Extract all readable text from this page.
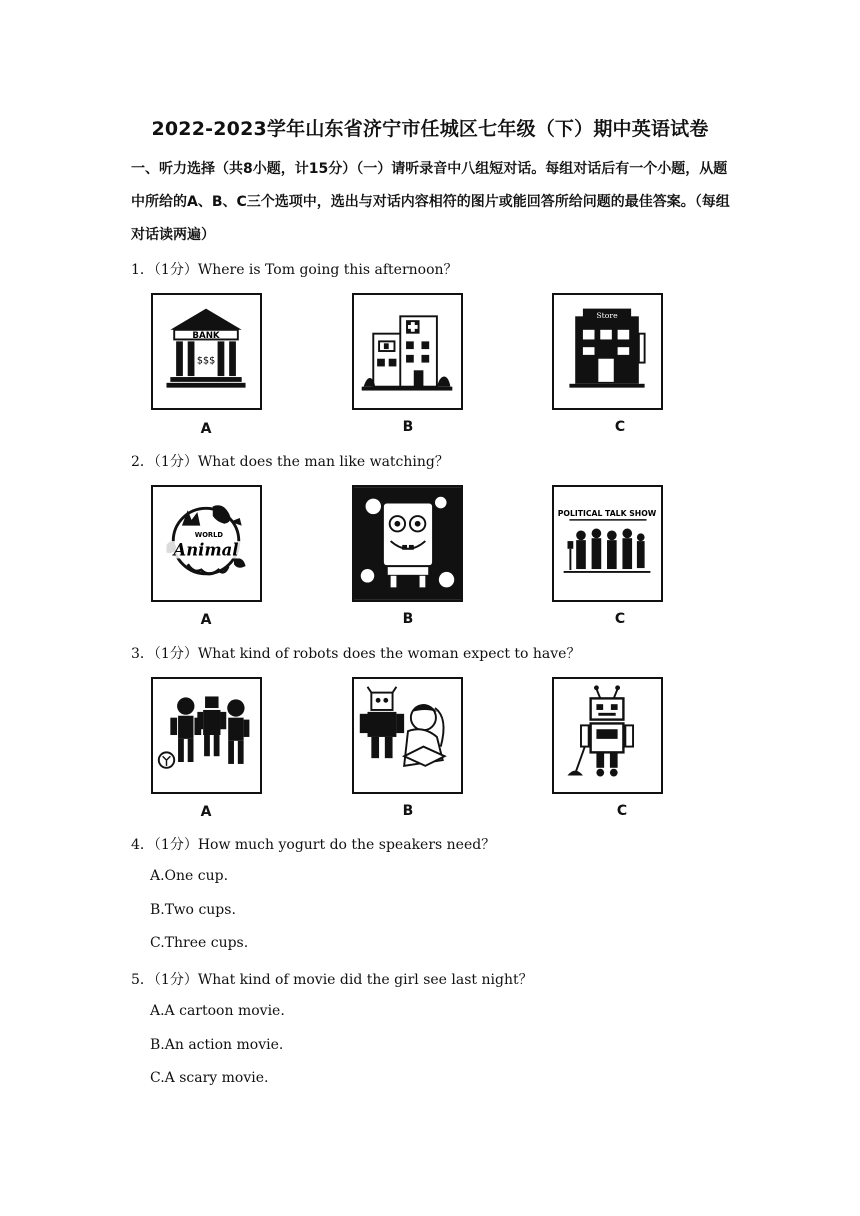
2022-2023学年山东省济宁市任城区七年级（下）期中英语试卷
一、听力选择（共8小题，计15分）（一）请听录音中八组短对话。每组对话后有一个小题，从题中所给的A、B、C三个选项中，选出与对话内容相符的图片或能回答所给问题的最佳答案。（每组对话读两遍）
1．（1分）Where is Tom going this afternoon？
BANK
$$$
Store
A	B	C
2．（1分）What does the man like watching？
WORLD
Animal
POLITICAL TALK SHOW
A	B	C
3．（1分）What kind of robots does the woman expect to have？
A	B	C
4．（1分）How much yogurt do the speakers need？
A.One cup.
B.Two cups.
C.Three cups.
5．（1分）What kind of movie did the girl see last night？
A.A cartoon movie.
B.An action movie.
C.A scary movie.
